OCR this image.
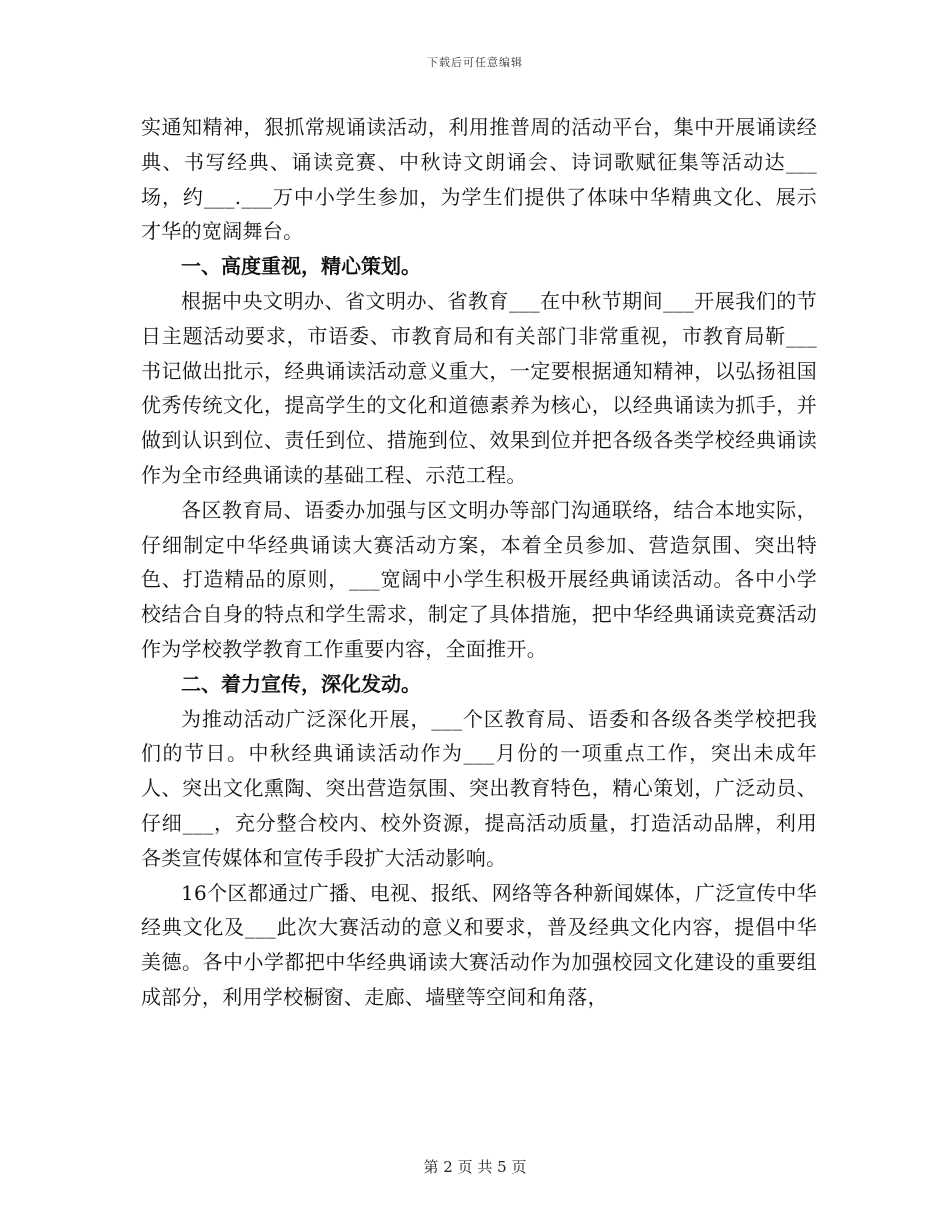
下载后可任意编辑

实通知精神，狠抓常规诵读活动，利用推普周的活动平台，集中开展诵读经典、书写经典、诵读竞赛、中秋诗文朗诵会、诗词歌赋征集等活动达___场，约___.___万中小学生参加，为学生们提供了体味中华精典文化、展示才华的宽阔舞台。

一、高度重视，精心策划。

根据中央文明办、省文明办、省教育___在中秋节期间___开展我们的节日主题活动要求，市语委、市教育局和有关部门非常重视，市教育局靳___书记做出批示，经典诵读活动意义重大，一定要根据通知精神，以弘扬祖国优秀传统文化，提高学生的文化和道德素养为核心，以经典诵读为抓手，并做到认识到位、责任到位、措施到位、效果到位并把各级各类学校经典诵读作为全市经典诵读的基础工程、示范工程。

各区教育局、语委办加强与区文明办等部门沟通联络，结合本地实际，仔细制定中华经典诵读大赛活动方案，本着全员参加、营造氛围、突出特色、打造精品的原则，___宽阔中小学生积极开展经典诵读活动。各中小学校结合自身的特点和学生需求，制定了具体措施，把中华经典诵读竞赛活动作为学校教学教育工作重要内容，全面推开。

二、着力宣传，深化发动。

为推动活动广泛深化开展，___个区教育局、语委和各级各类学校把我们的节日。中秋经典诵读活动作为___月份的一项重点工作，突出未成年人、突出文化熏陶、突出营造氛围、突出教育特色，精心策划，广泛动员、仔细___，充分整合校内、校外资源，提高活动质量，打造活动品牌，利用各类宣传媒体和宣传手段扩大活动影响。

16个区都通过广播、电视、报纸、网络等各种新闻媒体，广泛宣传中华经典文化及___此次大赛活动的意义和要求，普及经典文化内容，提倡中华美德。各中小学都把中华经典诵读大赛活动作为加强校园文化建设的重要组成部分，利用学校橱窗、走廊、墙壁等空间和角落，

第 2 页 共 5 页
